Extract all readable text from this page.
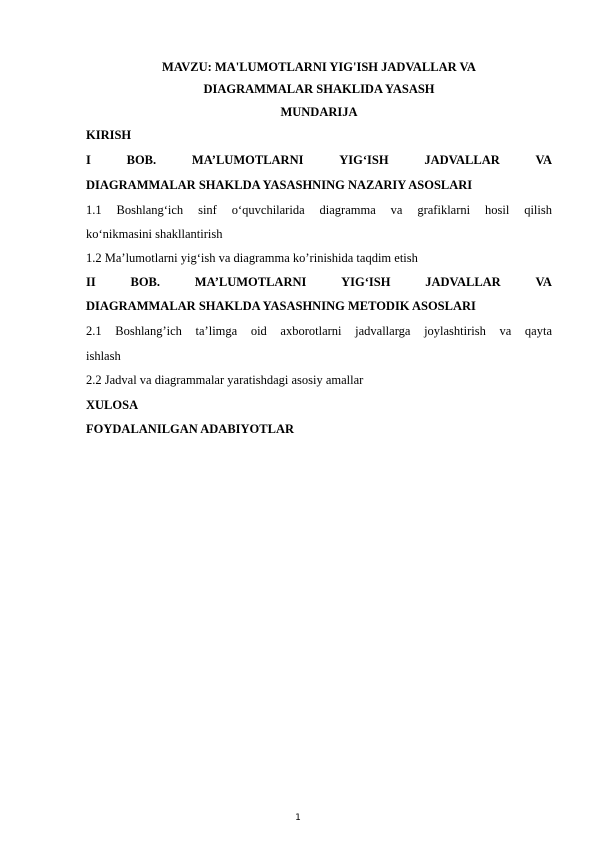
MAVZU: MA'LUMOTLARNI YIG'ISH JADVALLAR VA
DIAGRAMMALAR SHAKLIDA YASASH
MUNDARIJA
KIRISH
I	BOB.	MA’LUMOTLARNI	YIG‘ISH	JADVALLAR	VA
DIAGRAMMALAR SHAKLDA YASASHNING NAZARIY ASOSLARI
1.1 Boshlang‘ich sinf o‘quvchilarida diagramma va grafiklarni hosil qilish
ko‘nikmasini shakllantirish
1.2 Ma’lumotlarni yig‘ish va diagramma ko’rinishida taqdim etish
II	BOB.	MA’LUMOTLARNI	YIG‘ISH	JADVALLAR	VA
DIAGRAMMALAR SHAKLDA YASASHNING METODIK ASOSLARI
2.1 Boshlang’ich ta’limga oid axborotlarni jadvallarga joylashtirish va qayta
ishlash
2.2 Jadval va diagrammalar yaratishdagi asosiy amallar
XULOSA
FOYDALANILGAN ADABIYOTLAR
1
